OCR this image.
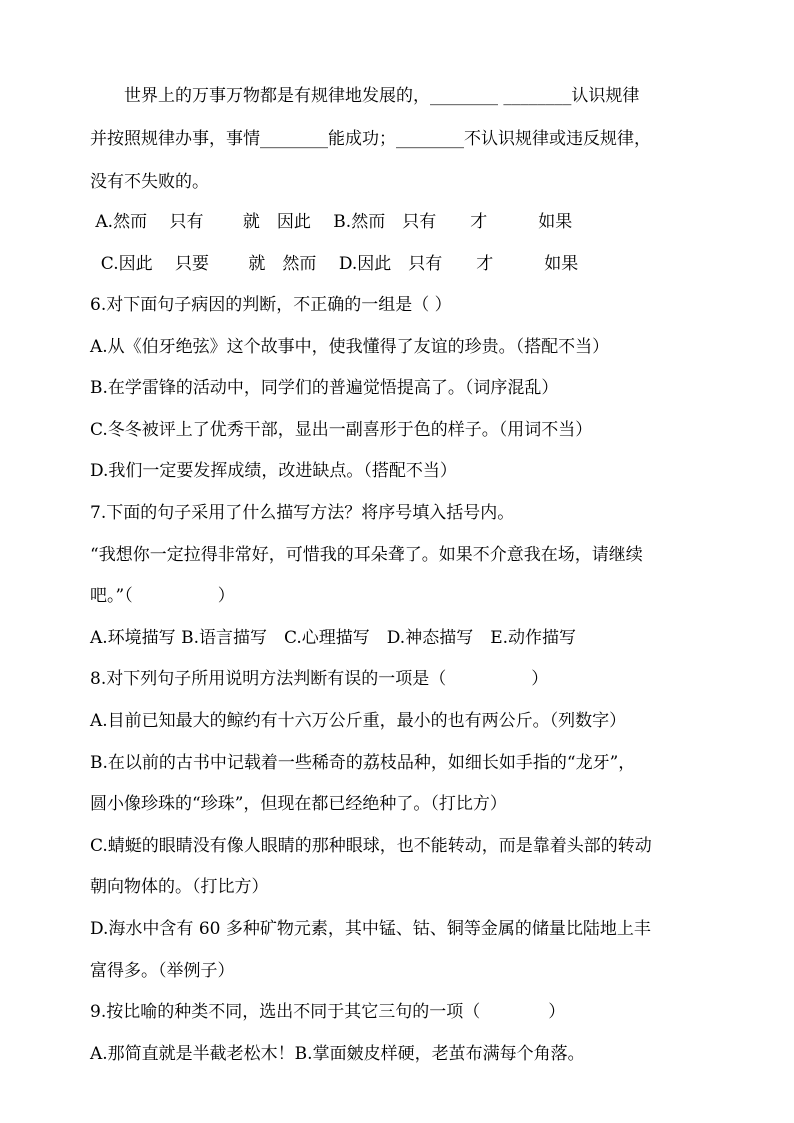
　　世界上的万事万物都是有规律地发展的，________ ________认识规律
并按照规律办事，事情________能成功；________不认识规律或违反规律，
没有不失败的。
A.然而　 只有　　 就　因此　 B.然而　只有　　才　　　如果
C.因此　 只要　　 就　然而　 D.因此　只有　　才　　　如果
6.对下面句子病因的判断，不正确的一组是（ ）
A.从《伯牙绝弦》这个故事中，使我懂得了友谊的珍贵。（搭配不当）
B.在学雷锋的活动中，同学们的普遍觉悟提高了。（词序混乱）
C.冬冬被评上了优秀干部，显出一副喜形于色的样子。（用词不当）
D.我们一定要发挥成绩，改进缺点。（搭配不当）
7.下面的句子采用了什么描写方法？将序号填入括号内。
“我想你一定拉得非常好，可惜我的耳朵聋了。如果不介意我在场，请继续
吧。”（　　　　　）
A.环境描写 B.语言描写　C.心理描写　D.神态描写　E.动作描写
8.对下列句子所用说明方法判断有误的一项是（　　　　　）
A.目前已知最大的鲸约有十六万公斤重，最小的也有两公斤。（列数字）
B.在以前的古书中记载着一些稀奇的荔枝品种，如细长如手指的“龙牙”，
圆小像珍珠的“珍珠”，但现在都已经绝种了。（打比方）
C.蜻蜓的眼睛没有像人眼睛的那种眼球，也不能转动，而是靠着头部的转动
朝向物体的。（打比方）
D.海水中含有 60 多种矿物元素，其中锰、钴、铜等金属的储量比陆地上丰
富得多。（举例子）
9.按比喻的种类不同，选出不同于其它三句的一项（　　　　）
A.那简直就是半截老松木！B.掌面皴皮样硬，老茧布满每个角落。
